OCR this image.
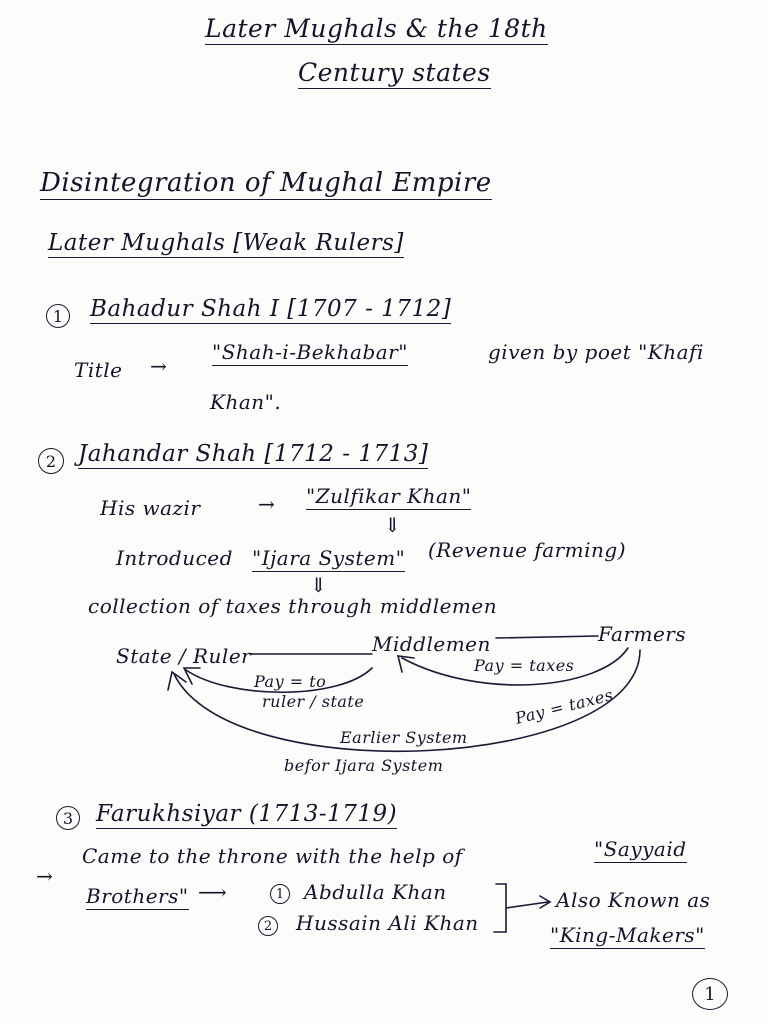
Later Mughals & the 18th
Century states
Disintegration of Mughal Empire
Later Mughals [Weak Rulers]
1 Bahadur Shah I [1707 - 1712]
Title →
"Shah-i-Bekhabar"	given by poet "Khafi
Khan".
2 Jahandar Shah [1712 - 1713]
His wazir	→ "Zulfikar Khan"
⇓
Introduced "Ijara System" (Revenue farming)
⇓
collection of taxes through middlemen
State / Ruler	Middlemen	Farmers
Pay = to
ruler / state
Pay = taxes
Pay = taxes
Earlier System
befor Ijara System
3 Farukhsiyar (1713-1719)
→
Came to the throne with the help of	"Sayyaid
Brothers" ⟶	1 Abdulla Khan
2 Hussain Ali Khan
Also Known as
"King-Makers"
1
